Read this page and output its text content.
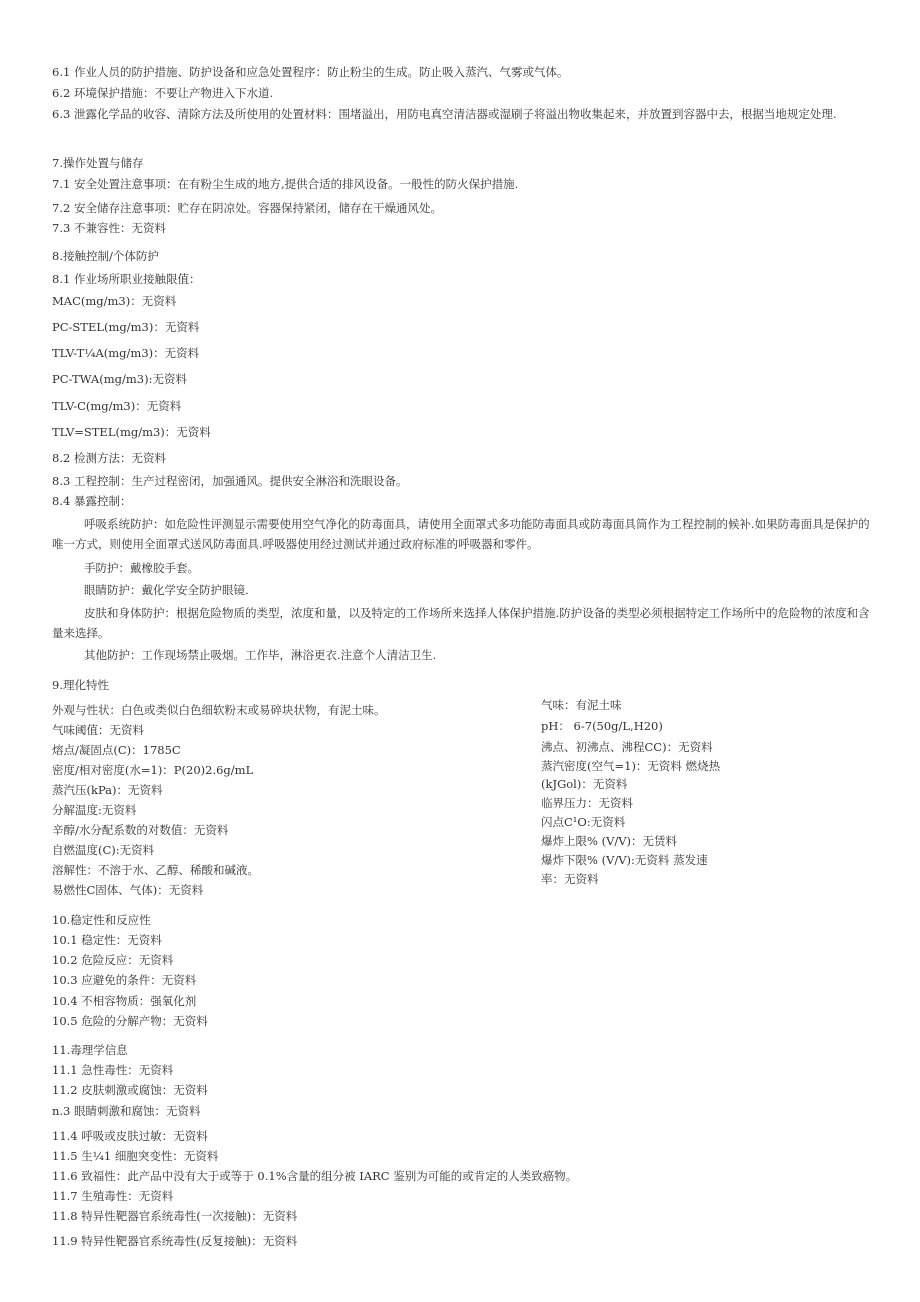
6.1 作业人员的防护措施、防护设备和应急处置程序：防止粉尘的生成。防止吸入蒸汽、气雾或气体。
6.2 环境保护措施：不要让产物进入下水道.
6.3 泄露化学品的收容、清除方法及所使用的处置材料：围堵溢出，用防电真空清洁器或湿刷子将溢出物收集起来，并放置到容器中去，根据当地规定处理.
7.操作处置与储存
7.1 安全处置注意事项：在有粉尘生成的地方,提供合适的排风设备。一般性的防火保护措施.
7.2 安全储存注意事项：贮存在阴凉处。容器保持紧闭，储存在干燥通风处。
7.3 不兼容性：无资料
8.接触控制/个体防护
8.1 作业场所职业接触限值：
MAC(mg∕m3)：无资料
PC-STEL(mg∕m3)：无资料
TLV-T¼A(mg∕m3)：无资料
PC-TWA(mg∕m3):无资料
TLV-C(mg∕m3)：无资料
TLV=STEL(mg∕m3)：无资料
8.2 检测方法：无资料
8.3 工程控制：生产过程密闭，加强通风。提供安全淋浴和洗眼设备。
8.4 暴露控制：
呼吸系统防护：如危险性评测显示需要使用空气净化的防毒面具，请使用全面罩式多功能防毒面具或防毒面具筒作为工程控制的候补.如果防毒面具是保护的唯一方式，则使用全面罩式送风防毒面具.呼吸器使用经过测试并通过政府标准的呼吸器和零件。
手防护：戴橡胶手套。
眼睛防护：戴化学安全防护眼镜.
皮肤和身体防护：根据危险物质的类型，浓度和量，以及特定的工作场所来选择人体保护措施.防护设备的类型必须根据特定工作场所中的危险物的浓度和含量来选择。
其他防护：工作现场禁止吸烟。工作毕，淋浴更衣.注意个人清洁卫生.
9.理化特性
外观与性状：白色或类似白色细软粉末或易碎块状物，有泥土味。
气味阈值：无资料
熔点/凝固点(C)：1785C
密度/相对密度(水=1)：P(20)2.6g∕mL
蒸汽压(kPa)：无资料
分解温度:无资料
辛醇/水分配系数的对数值：无资料
自燃温度(C):无资料
溶解性：不溶于水、乙醇、稀酸和碱液。
易燃性C固体、气体)：无资料
气味：有泥土味
pH： 6-7(50g∕L,H20)
沸点、初沸点、沸程CC)：无资料
蒸汽密度(空气=1)：无资料 燃烧热
(kJGol)：无资料
临界压力：无资料
闪点C¹O:无资料
爆炸上限% (V/V)：无赁料
爆炸下限% (V/V):无资料 蒸发速
率：无资料
10.稳定性和反应性
10.1 稳定性：无资料
10.2 危险反应：无资料
10.3 应避免的条件：无资料
10.4 不相容物质：强氧化剂
10.5 危险的分解产物：无资料
11.毒理学信息
11.1 急性毒性：无资料
11.2 皮肤刺激或腐蚀：无资料
n.3 眼睛刺激和腐蚀：无资料
11.4 呼吸或皮肤过敏：无资料
11.5 生¼1 细胞突变性：无资料
11.6 致福性：此产品中没有大于或等于 0.1%含量的组分被 IARC 鉴别为可能的或肯定的人类致癌物。
11.7 生殖毒性：无资料
11.8 特异性靶器官系统毒性(一次接触)：无资料
11.9 特异性靶器官系统毒性(反复接触)：无资料
